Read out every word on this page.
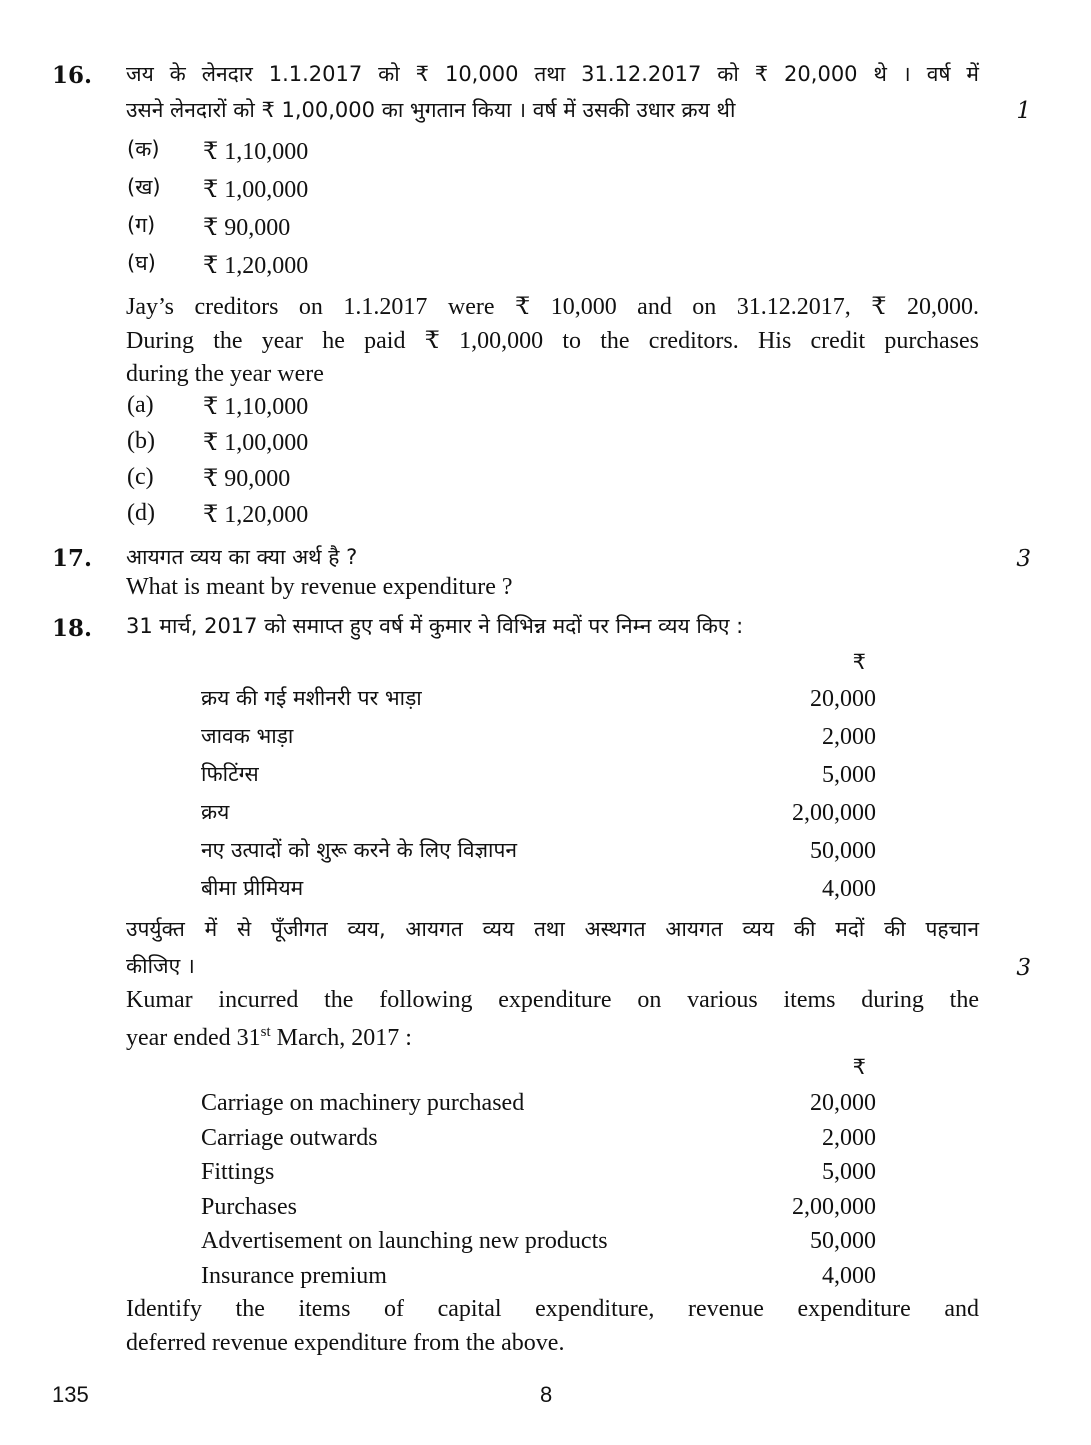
16. जय के लेनदार 1.1.2017 को ₹ 10,000 तथा 31.12.2017 को ₹ 20,000 थे । वर्ष में
उसने लेनदारों को ₹ 1,00,000 का भुगतान किया । वर्ष में उसकी उधार क्रय थी	1
(क) ₹ 1,10,000
(ख) ₹ 1,00,000
(ग) ₹ 90,000
(घ) ₹ 1,20,000
Jay’s creditors on 1.1.2017 were ₹ 10,000 and on 31.12.2017, ₹ 20,000.
During the year he paid ₹ 1,00,000 to the creditors. His credit purchases
during the year were
(a) ₹ 1,10,000
(b) ₹ 1,00,000
(c) ₹ 90,000
(d) ₹ 1,20,000
17. आयगत व्यय का क्या अर्थ है ?	3
What is meant by revenue expenditure ?
18. 31 मार्च, 2017 को समाप्त हुए वर्ष में कुमार ने विभिन्न मदों पर निम्न व्यय किए :
₹
क्रय की गई मशीनरी पर भाड़ा	20,000
जावक भाड़ा	2,000
फिटिंग्स	5,000
क्रय	2,00,000
नए उत्पादों को शुरू करने के लिए विज्ञापन	50,000
बीमा प्रीमियम	4,000
उपर्युक्त में से पूँजीगत व्यय, आयगत व्यय तथा अस्थगत आयगत व्यय की मदों की पहचान
कीजिए ।	3
Kumar incurred the following expenditure on various items during the
year ended 31st March, 2017 :
₹
Carriage on machinery purchased	20,000
Carriage outwards	2,000
Fittings	5,000
Purchases	2,00,000
Advertisement on launching new products	50,000
Insurance premium	4,000
Identify the items of capital expenditure, revenue expenditure and
deferred revenue expenditure from the above.
135	8
